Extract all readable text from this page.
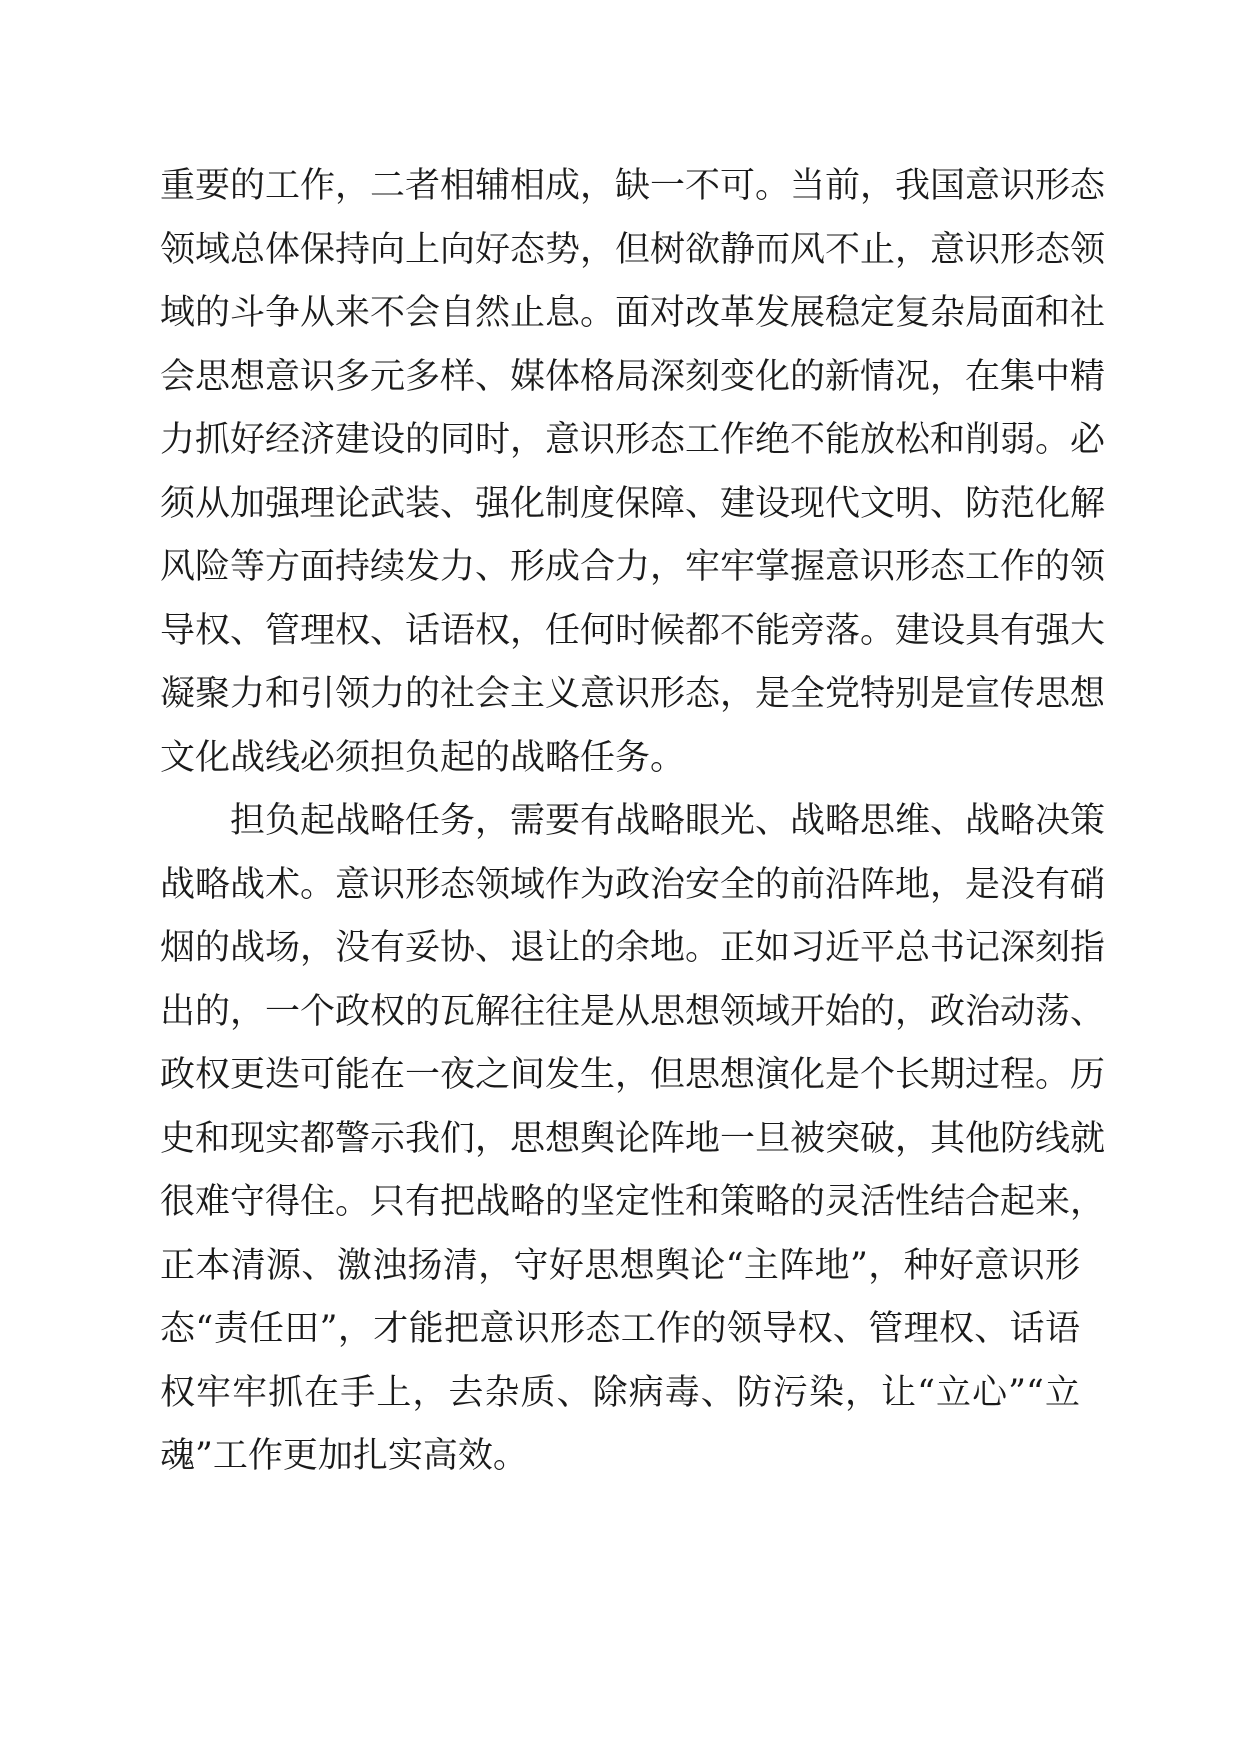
重要的工作，二者相辅相成，缺一不可。当前，我国意识形态
领域总体保持向上向好态势，但树欲静而风不止，意识形态领
域的斗争从来不会自然止息。面对改革发展稳定复杂局面和社
会思想意识多元多样、媒体格局深刻变化的新情况，在集中精
力抓好经济建设的同时，意识形态工作绝不能放松和削弱。必
须从加强理论武装、强化制度保障、建设现代文明、防范化解
风险等方面持续发力、形成合力，牢牢掌握意识形态工作的领
导权、管理权、话语权，任何时候都不能旁落。建设具有强大
凝聚力和引领力的社会主义意识形态，是全党特别是宣传思想
文化战线必须担负起的战略任务。
担负起战略任务，需要有战略眼光、战略思维、战略决策
战略战术。意识形态领域作为政治安全的前沿阵地，是没有硝
烟的战场，没有妥协、退让的余地。正如习近平总书记深刻指
出的，一个政权的瓦解往往是从思想领域开始的，政治动荡、
政权更迭可能在一夜之间发生，但思想演化是个长期过程。历
史和现实都警示我们，思想舆论阵地一旦被突破，其他防线就
很难守得住。只有把战略的坚定性和策略的灵活性结合起来，
正本清源、激浊扬清，守好思想舆论“主阵地”，种好意识形
态“责任田”，才能把意识形态工作的领导权、管理权、话语
权牢牢抓在手上，去杂质、除病毒、防污染，让“立心”“立
魂”工作更加扎实高效。
